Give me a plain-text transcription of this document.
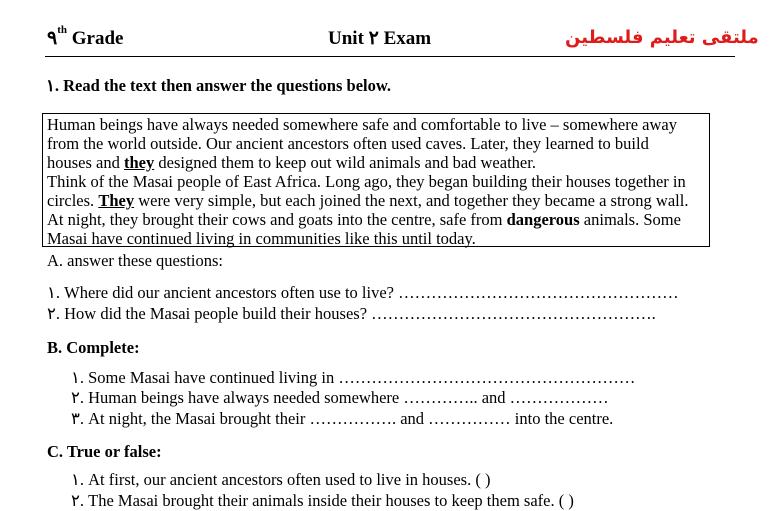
٩th Grade	Unit ٢ Exam	ملتقى تعليم فلسطين
١. Read the text then answer the questions below.
Human beings have always needed somewhere safe and comfortable to live – somewhere away
from the world outside. Our ancient ancestors often used caves. Later, they learned to build
houses and they designed them to keep out wild animals and bad weather.
Think of the Masai people of East Africa. Long ago, they began building their houses together in
circles. They were very simple, but each joined the next, and together they became a strong wall.
At night, they brought their cows and goats into the centre, safe from dangerous animals. Some
Masai have continued living in communities like this until today.
A. answer these questions:
١. Where did our ancient ancestors often use to live? ……………………………………………
٢. How did the Masai people build their houses? …………………………………………….
B. Complete:
١. Some Masai have continued living in ………………………………………………
٢. Human beings have always needed somewhere ………….. and ………………
٣. At night, the Masai brought their ……………. and …………… into the centre.
C. True or false:
١. At first, our ancient ancestors often used to live in houses. ( )
٢. The Masai brought their animals inside their houses to keep them safe. ( )
